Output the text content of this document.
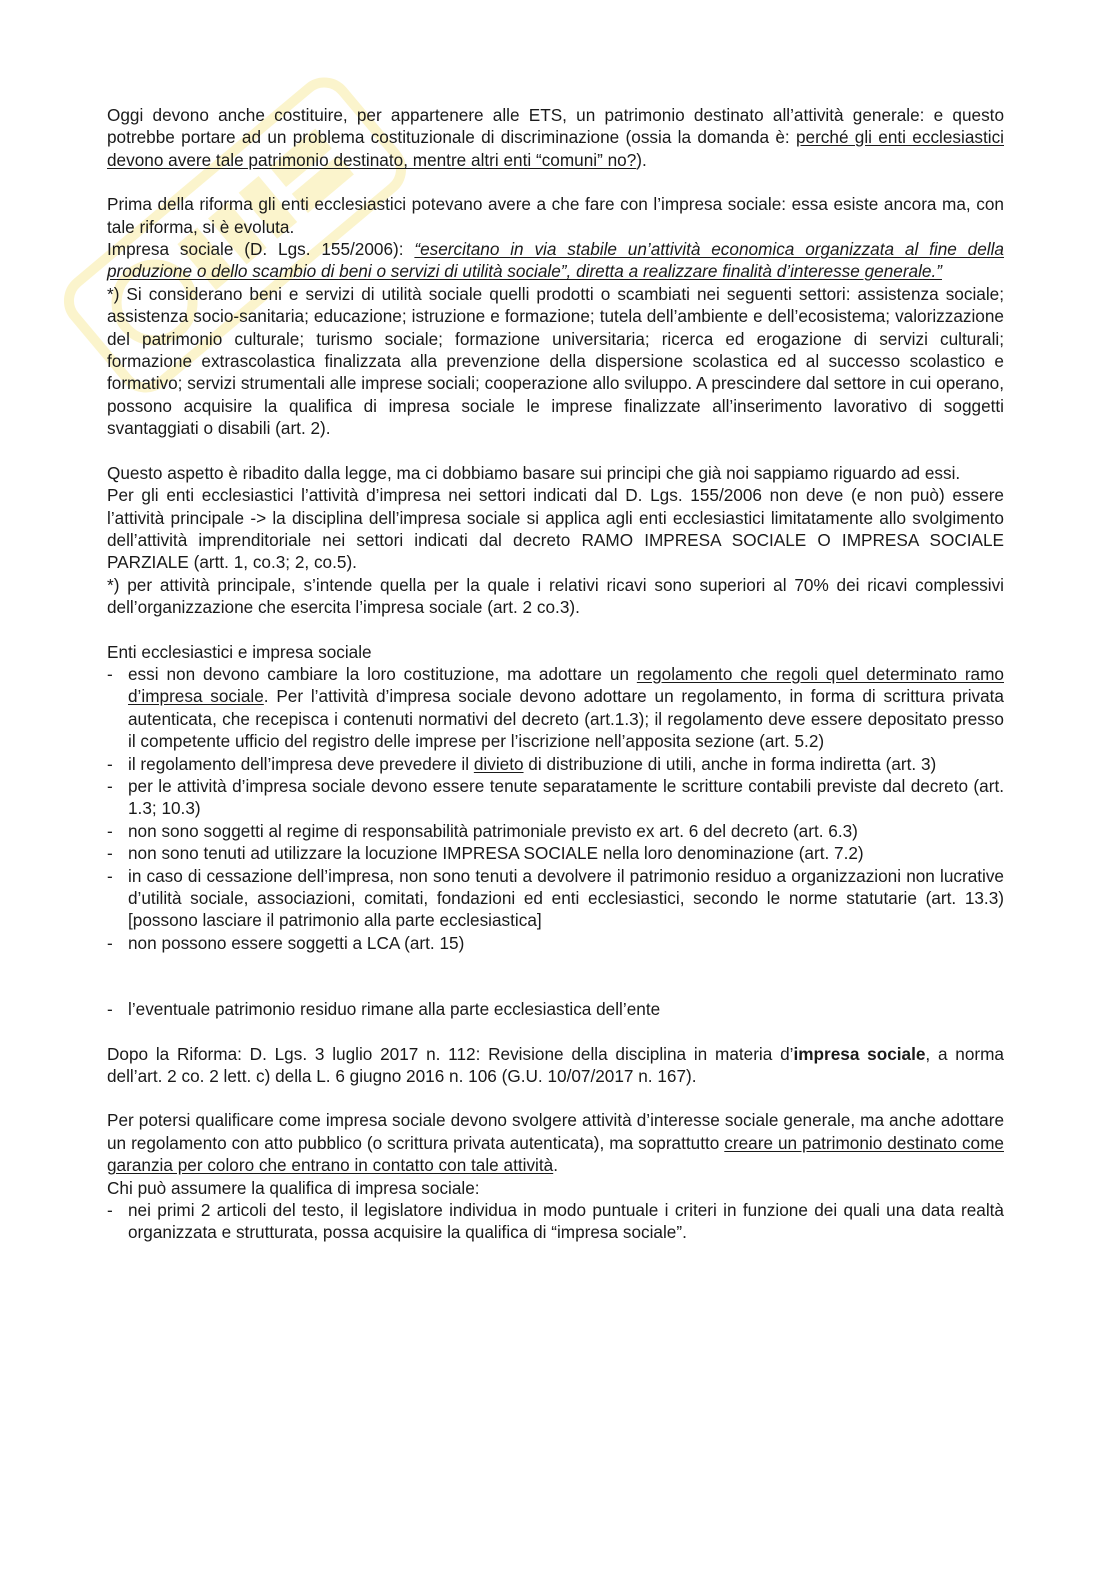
Oggi devono anche costituire, per appartenere alle ETS, un patrimonio destinato all’attività generale: e questo potrebbe portare ad un problema costituzionale di discriminazione (ossia la domanda è: perché gli enti ecclesiastici devono avere tale patrimonio destinato, mentre altri enti “comuni” no?).

Prima della riforma gli enti ecclesiastici potevano avere a che fare con l’impresa sociale: essa esiste ancora ma, con tale riforma, si è evoluta.

Impresa sociale (D. Lgs. 155/2006): “esercitano in via stabile un’attività economica organizzata al fine della produzione o dello scambio di beni o servizi di utilità sociale”, diretta a realizzare finalità d’interesse generale.”

*) Si considerano beni e servizi di utilità sociale quelli prodotti o scambiati nei seguenti settori: assistenza sociale; assistenza socio-sanitaria; educazione; istruzione e formazione; tutela dell’ambiente e dell’ecosistema; valorizzazione del patrimonio culturale; turismo sociale; formazione universitaria; ricerca ed erogazione di servizi culturali; formazione extrascolastica finalizzata alla prevenzione della dispersione scolastica ed al successo scolastico e formativo; servizi strumentali alle imprese sociali; cooperazione allo sviluppo. A prescindere dal settore in cui operano, possono acquisire la qualifica di impresa sociale le imprese finalizzate all’inserimento lavorativo di soggetti svantaggiati o disabili (art. 2).

Questo aspetto è ribadito dalla legge, ma ci dobbiamo basare sui principi che già noi sappiamo riguardo ad essi.

Per gli enti ecclesiastici l’attività d’impresa nei settori indicati dal D. Lgs. 155/2006 non deve (e non può) essere l’attività principale -> la disciplina dell’impresa sociale si applica agli enti ecclesiastici limitatamente allo svolgimento dell’attività imprenditoriale nei settori indicati dal decreto RAMO IMPRESA SOCIALE O IMPRESA SOCIALE PARZIALE (artt. 1, co.3; 2, co.5).

*) per attività principale, s’intende quella per la quale i relativi ricavi sono superiori al 70% dei ricavi complessivi dell’organizzazione che esercita l’impresa sociale (art. 2 co.3).

Enti ecclesiastici e impresa sociale

- essi non devono cambiare la loro costituzione, ma adottare un regolamento che regoli quel determinato ramo d’impresa sociale. Per l’attività d’impresa sociale devono adottare un regolamento, in forma di scrittura privata autenticata, che recepisca i contenuti normativi del decreto (art.1.3); il regolamento deve essere depositato presso il competente ufficio del registro delle imprese per l’iscrizione nell’apposita sezione (art. 5.2)
- il regolamento dell’impresa deve prevedere il divieto di distribuzione di utili, anche in forma indiretta (art. 3)
- per le attività d’impresa sociale devono essere tenute separatamente le scritture contabili previste dal decreto (art. 1.3; 10.3)
- non sono soggetti al regime di responsabilità patrimoniale previsto ex art. 6 del decreto (art. 6.3)
- non sono tenuti ad utilizzare la locuzione IMPRESA SOCIALE nella loro denominazione (art. 7.2)
- in caso di cessazione dell’impresa, non sono tenuti a devolvere il patrimonio residuo a organizzazioni non lucrative d’utilità sociale, associazioni, comitati, fondazioni ed enti ecclesiastici, secondo le norme statutarie (art. 13.3) [possono lasciare il patrimonio alla parte ecclesiastica]
- non possono essere soggetti a LCA (art. 15)
- l’eventuale patrimonio residuo rimane alla parte ecclesiastica dell’ente

Dopo la Riforma: D. Lgs. 3 luglio 2017 n. 112: Revisione della disciplina in materia d’impresa sociale, a norma dell’art. 2 co. 2 lett. c) della L. 6 giugno 2016 n. 106 (G.U. 10/07/2017 n. 167).

Per potersi qualificare come impresa sociale devono svolgere attività d’interesse sociale generale, ma anche adottare un regolamento con atto pubblico (o scrittura privata autenticata), ma soprattutto creare un patrimonio destinato come garanzia per coloro che entrano in contatto con tale attività.

Chi può assumere la qualifica di impresa sociale:

- nei primi 2 articoli del testo, il legislatore individua in modo puntuale i criteri in funzione dei quali una data realtà organizzata e strutturata, possa acquisire la qualifica di “impresa sociale”.
